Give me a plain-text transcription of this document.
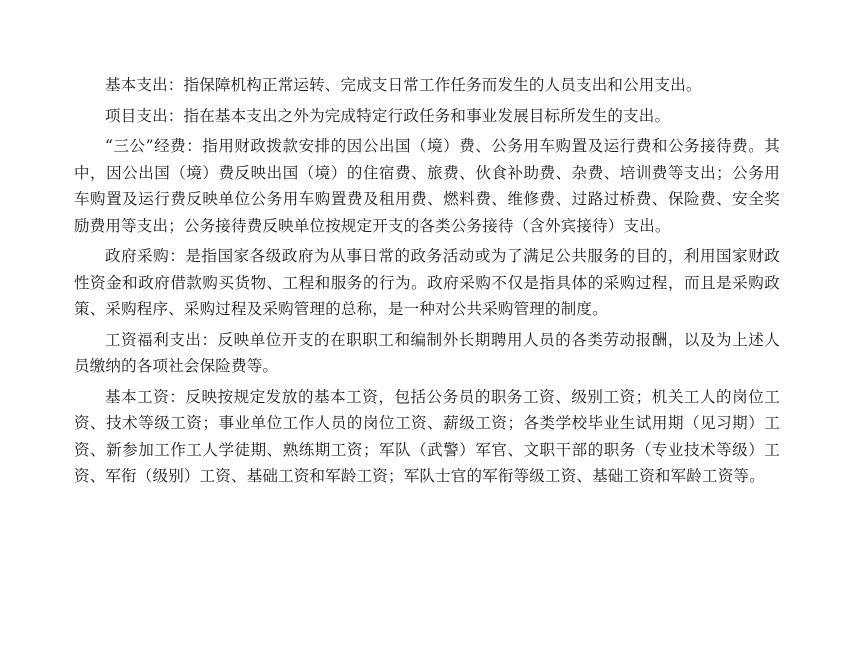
基本支出：指保障机构正常运转、完成支日常工作任务而发生的人员支出和公用支出。

项目支出：指在基本支出之外为完成特定行政任务和事业发展目标所发生的支出。

“三公”经费：指用财政拨款安排的因公出国（境）费、公务用车购置及运行费和公务接待费。其中，因公出国（境）费反映出国（境）的住宿费、旅费、伙食补助费、杂费、培训费等支出；公务用车购置及运行费反映单位公务用车购置费及租用费、燃料费、维修费、过路过桥费、保险费、安全奖励费用等支出；公务接待费反映单位按规定开支的各类公务接待（含外宾接待）支出。

政府采购：是指国家各级政府为从事日常的政务活动或为了满足公共服务的目的，利用国家财政性资金和政府借款购买货物、工程和服务的行为。政府采购不仅是指具体的采购过程，而且是采购政策、采购程序、采购过程及采购管理的总称，是一种对公共采购管理的制度。

工资福利支出：反映单位开支的在职职工和编制外长期聘用人员的各类劳动报酬，以及为上述人员缴纳的各项社会保险费等。

基本工资：反映按规定发放的基本工资，包括公务员的职务工资、级别工资；机关工人的岗位工资、技术等级工资；事业单位工作人员的岗位工资、薪级工资；各类学校毕业生试用期（见习期）工资、新参加工作工人学徒期、熟练期工资；军队（武警）军官、文职干部的职务（专业技术等级）工资、军衔（级别）工资、基础工资和军龄工资；军队士官的军衔等级工资、基础工资和军龄工资等。
